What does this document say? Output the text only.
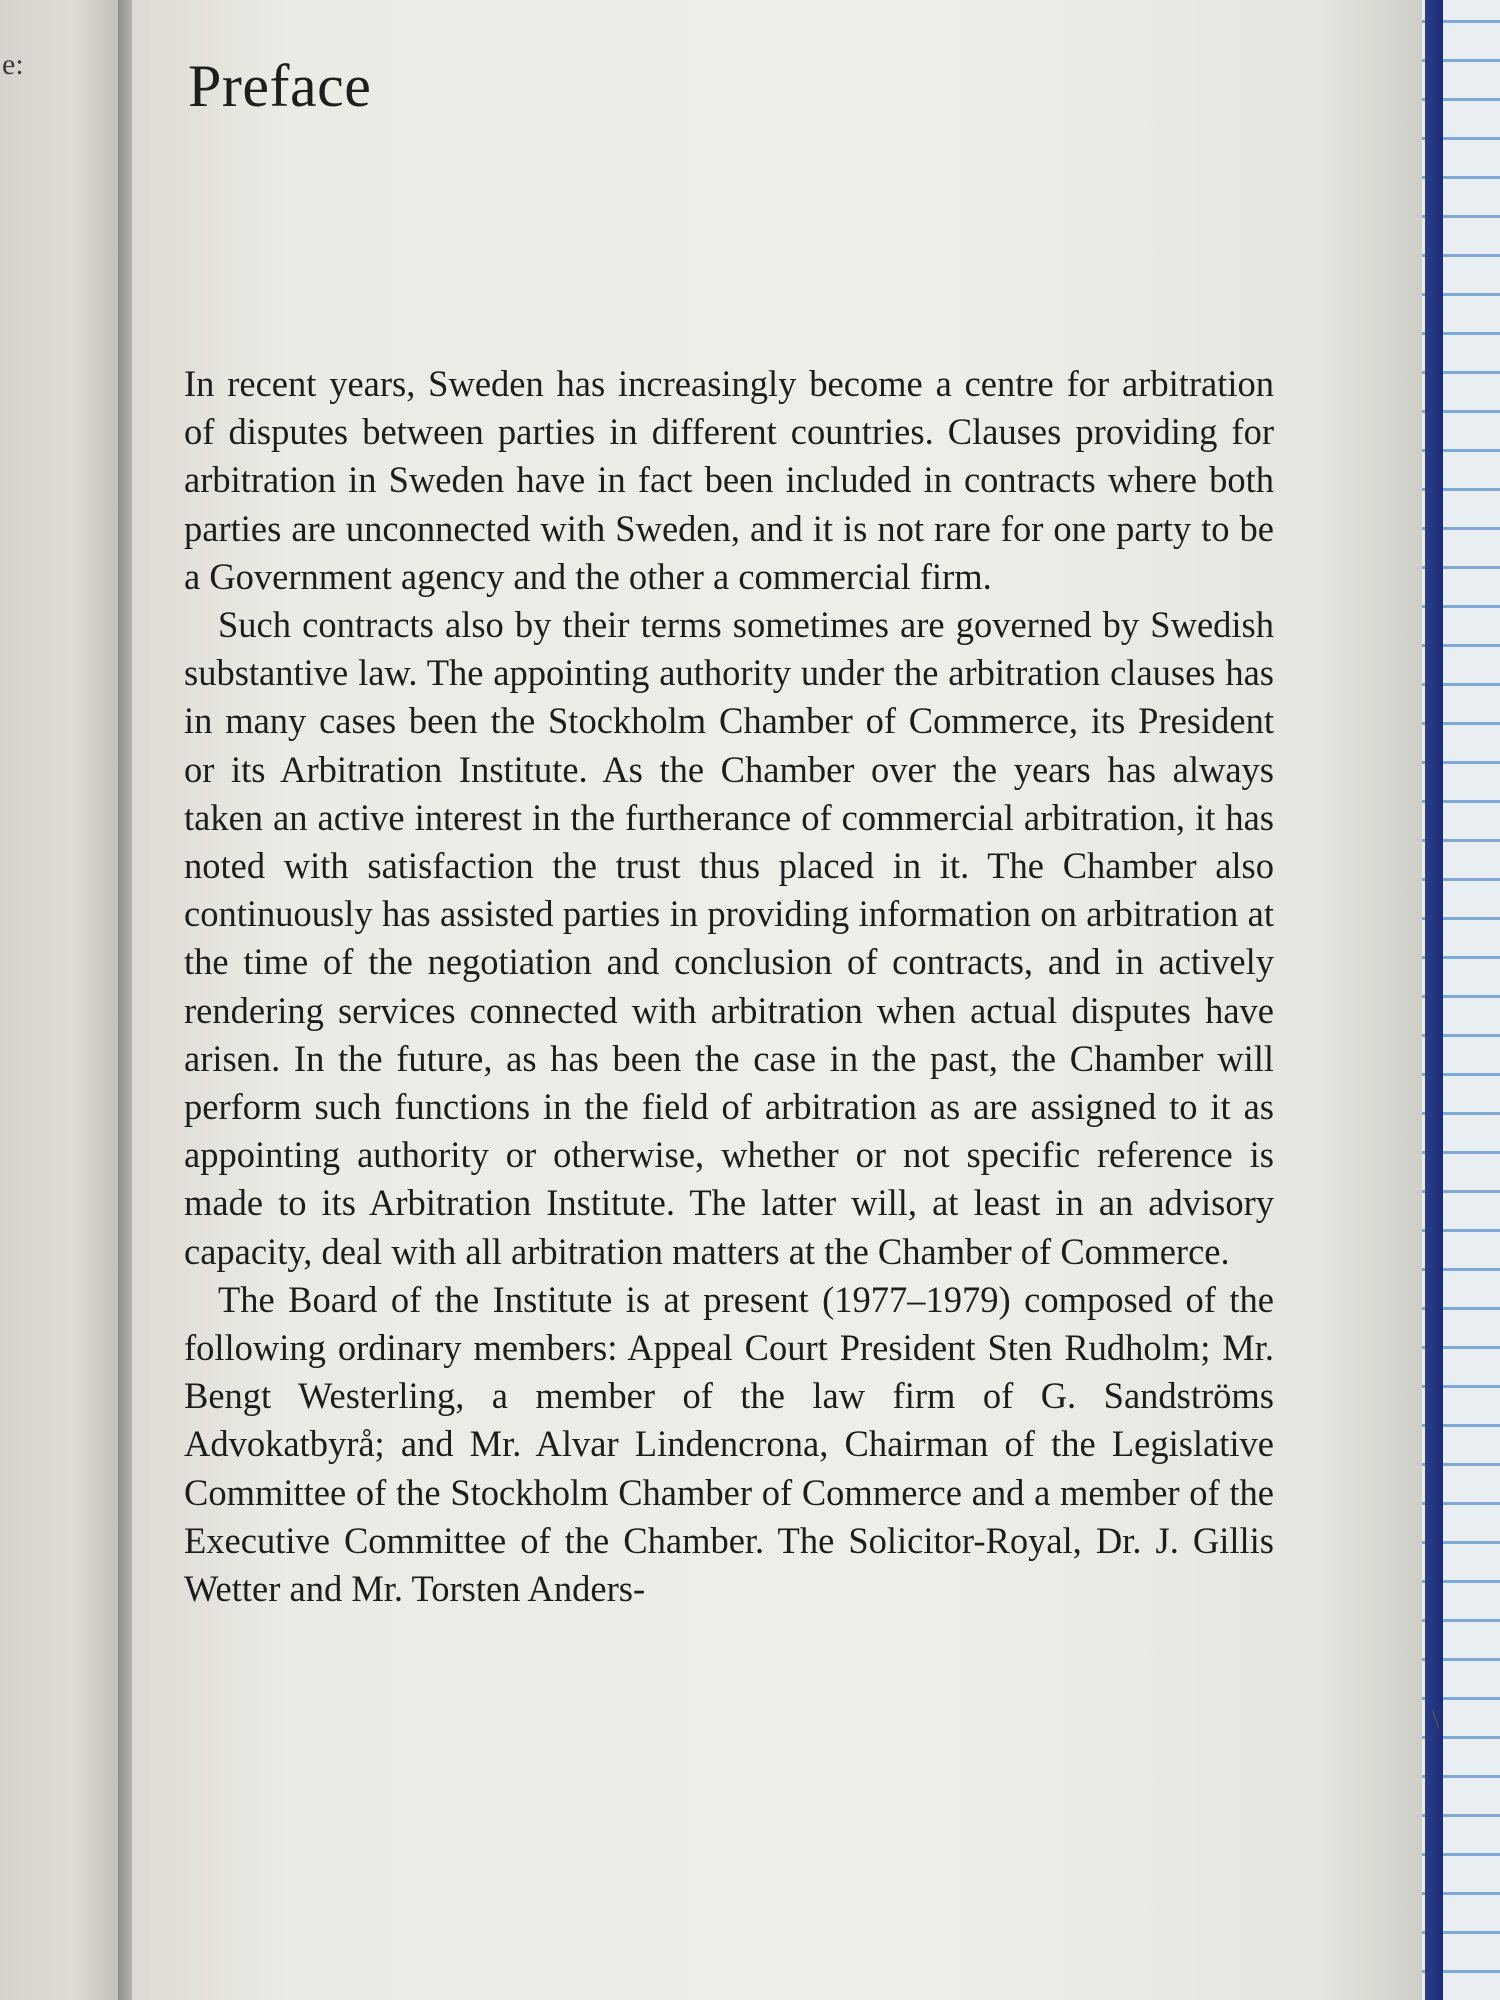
e:	Preface

In recent years, Sweden has increasingly become a centre for arbitration of disputes between parties in different countries. Clauses providing for arbitration in Sweden have in fact been included in contracts where both parties are unconnected with Sweden, and it is not rare for one party to be a Government agency and the other a commercial firm.

Such contracts also by their terms sometimes are governed by Swedish substantive law. The appointing authority under the arbitration clauses has in many cases been the Stockholm Chamber of Commerce, its President or its Arbitration Institute. As the Chamber over the years has always taken an active interest in the furtherance of commercial arbitration, it has noted with satisfaction the trust thus placed in it. The Chamber also continuously has assisted parties in providing information on arbitration at the time of the negotiation and conclusion of contracts, and in actively rendering services connected with arbitration when actual disputes have arisen. In the future, as has been the case in the past, the Chamber will perform such functions in the field of arbitration as are assigned to it as appointing authority or otherwise, whether or not specific reference is made to its Arbitration Institute. The latter will, at least in an advisory capacity, deal with all arbitration matters at the Chamber of Commerce.

The Board of the Institute is at present (1977–1979) composed of the following ordinary members: Appeal Court President Sten Rudholm; Mr. Bengt Westerling, a member of the law firm of G. Sandströms Advokatbyrå; and Mr. Alvar Lindencrona, Chairman of the Legislative Committee of the Stockholm Chamber of Commerce and a member of the Executive Committee of the Chamber. The Solicitor-Royal, Dr. J. Gillis Wetter and Mr. Torsten Anders-

\
